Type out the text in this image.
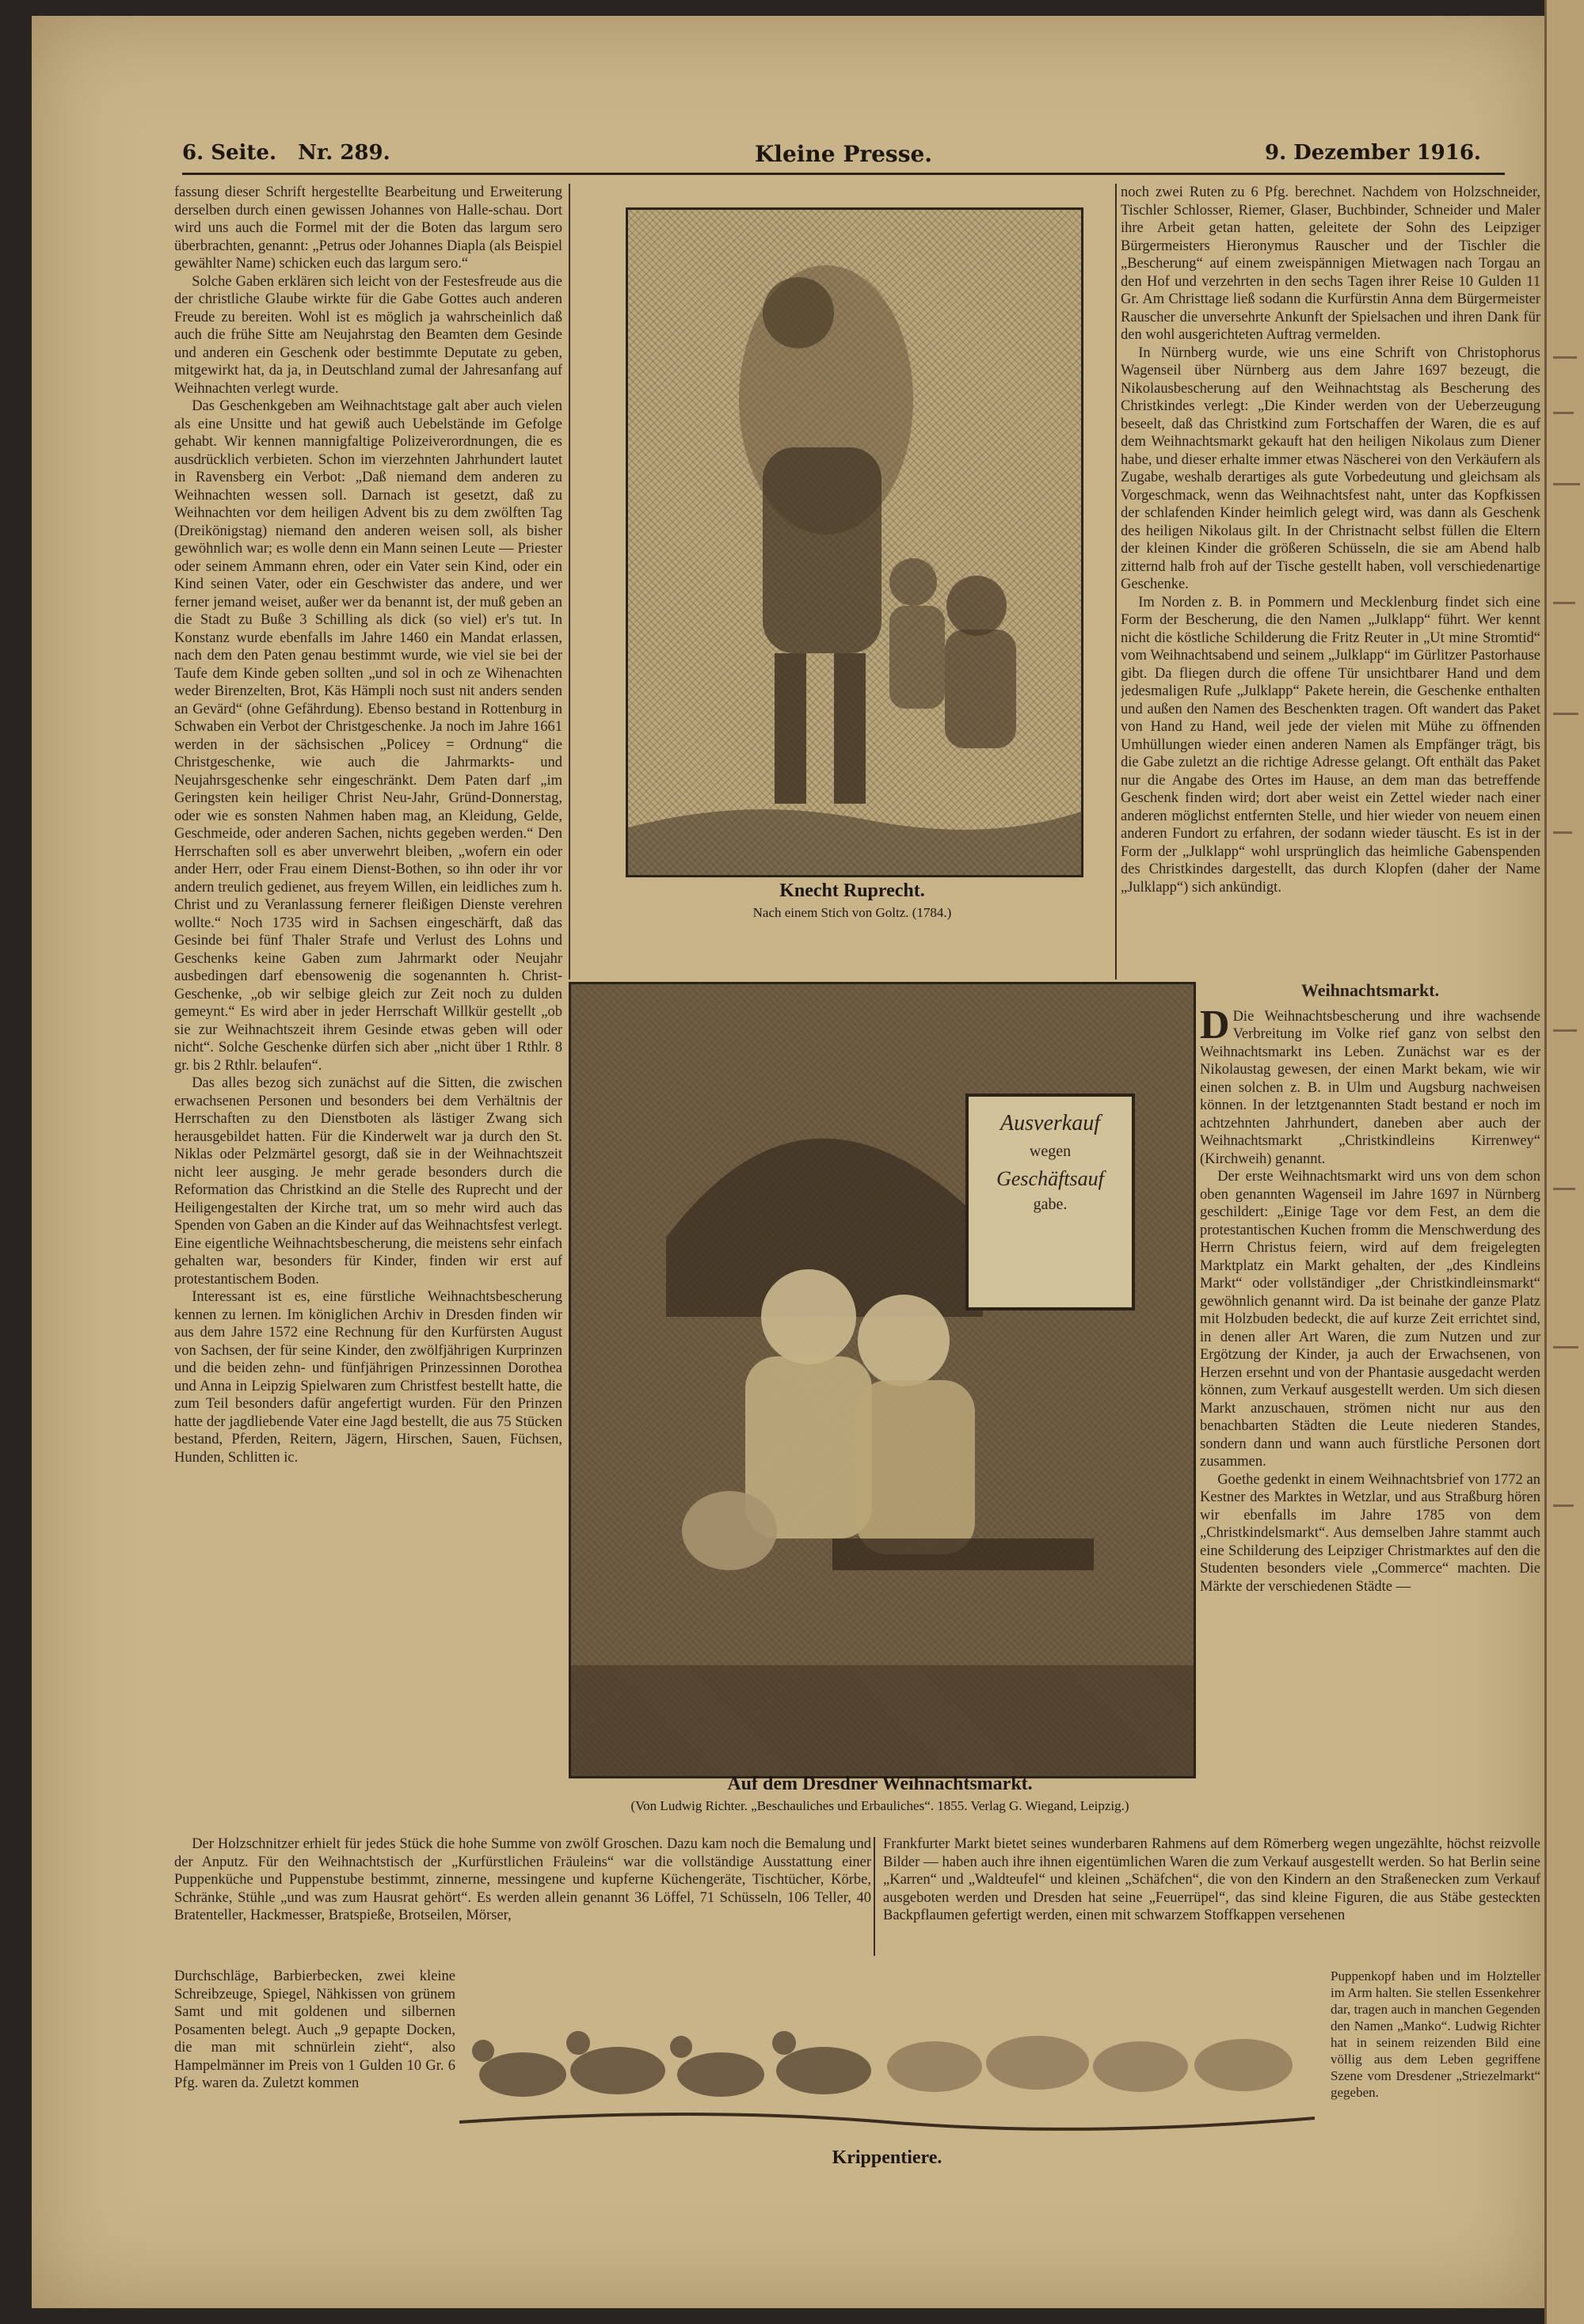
6. Seite. Nr. 289.	Kleine Presse.	9. Dezember 1916.

fassung dieser Schrift hergestellte Bearbeitung und Erweiterung derselben durch einen gewissen Johannes von Halle-schau. Dort wird uns auch die Formel mit der die Boten das largum sero überbrachten, genannt: „Petrus oder Johannes Diapla (als Beispiel gewählter Name) schicken euch das largum sero.“

Solche Gaben erklären sich leicht von der Festesfreude aus die der christliche Glaube wirkte für die Gabe Gottes auch anderen Freude zu bereiten. Wohl ist es möglich ja wahrscheinlich daß auch die frühe Sitte am Neujahrstag den Beamten dem Gesinde und anderen ein Geschenk oder bestimmte Deputate zu geben, mitgewirkt hat, da ja, in Deutschland zumal der Jahresanfang auf Weihnachten verlegt wurde.

Das Geschenkgeben am Weihnachtstage galt aber auch vielen als eine Unsitte und hat gewiß auch Uebelstände im Gefolge gehabt. Wir kennen mannigfaltige Polizeiverordnungen, die es ausdrücklich verbieten. Schon im vierzehnten Jahrhundert lautet in Ravensberg ein Verbot: „Daß niemand dem anderen zu Weihnachten wessen soll. Darnach ist gesetzt, daß zu Weihnachten vor dem heiligen Advent bis zu dem zwölften Tag (Dreikönigstag) niemand den anderen weisen soll, als bisher gewöhnlich war; es wolle denn ein Mann seinen Leute — Priester oder seinem Ammann ehren, oder ein Vater sein Kind, oder ein Kind seinen Vater, oder ein Geschwister das andere, und wer ferner jemand weiset, außer wer da benannt ist, der muß geben an die Stadt zu Buße 3 Schilling als dick (so viel) er's tut. In Konstanz wurde ebenfalls im Jahre 1460 ein Mandat erlassen, nach dem den Paten genau bestimmt wurde, wie viel sie bei der Taufe dem Kinde geben sollten „und sol in och ze Wihenachten weder Birenzelten, Brot, Käs Hämpli noch sust nit anders senden an Gevärd“ (ohne Gefährdung). Ebenso bestand in Rottenburg in Schwaben ein Verbot der Christgeschenke. Ja noch im Jahre 1661 werden in der sächsischen „Policey = Ordnung“ die Christgeschenke, wie auch die Jahrmarkts- und Neujahrsgeschenke sehr eingeschränkt. Dem Paten darf „im Geringsten kein heiliger Christ Neu-Jahr, Gründ-Donnerstag, oder wie es sonsten Nahmen haben mag, an Kleidung, Gelde, Geschmeide, oder anderen Sachen, nichts gegeben werden.“ Den Herrschaften soll es aber unverwehrt bleiben, „wofern ein oder ander Herr, oder Frau einem Dienst-Bothen, so ihn oder ihr vor andern treulich gedienet, aus freyem Willen, ein leidliches zum h. Christ und zu Veranlassung fernerer fleißigen Dienste verehren wollte.“ Noch 1735 wird in Sachsen eingeschärft, daß das Gesinde bei fünf Thaler Strafe und Verlust des Lohns und Geschenks keine Gaben zum Jahrmarkt oder Neujahr ausbedingen darf ebensowenig die sogenannten h. Christ-Geschenke, „ob wir selbige gleich zur Zeit noch zu dulden gemeynt.“ Es wird aber in jeder Herrschaft Willkür gestellt „ob sie zur Weihnachtszeit ihrem Gesinde etwas geben will oder nicht“. Solche Geschenke dürfen sich aber „nicht über 1 Rthlr. 8 gr. bis 2 Rthlr. belaufen“.

Das alles bezog sich zunächst auf die Sitten, die zwischen erwachsenen Personen und besonders bei dem Verhältnis der Herrschaften zu den Dienstboten als lästiger Zwang sich herausgebildet hatten. Für die Kinderwelt war ja durch den St. Niklas oder Pelzmärtel gesorgt, daß sie in der Weihnachtszeit nicht leer ausging. Je mehr gerade besonders durch die Reformation das Christkind an die Stelle des Ruprecht und der Heiligengestalten der Kirche trat, um so mehr wird auch das Spenden von Gaben an die Kinder auf das Weihnachtsfest verlegt. Eine eigentliche Weihnachtsbescherung, die meistens sehr einfach gehalten war, besonders für Kinder, finden wir erst auf protestantischem Boden.

Interessant ist es, eine fürstliche Weihnachtsbescherung kennen zu lernen. Im königlichen Archiv in Dresden finden wir aus dem Jahre 1572 eine Rechnung für den Kurfürsten August von Sachsen, der für seine Kinder, den zwölfjährigen Kurprinzen und die beiden zehn- und fünfjährigen Prinzessinnen Dorothea und Anna in Leipzig Spielwaren zum Christfest bestellt hatte, die zum Teil besonders dafür angefertigt wurden. Für den Prinzen hatte der jagdliebende Vater eine Jagd bestellt, die aus 75 Stücken bestand, Pferden, Reitern, Jägern, Hirschen, Sauen, Füchsen, Hunden, Schlitten ic.

Der Holzschnitzer erhielt für jedes Stück die hohe Summe von zwölf Groschen. Dazu kam noch die Bemalung und der Anputz. Für den Weihnachtstisch der „Kurfürstlichen Fräuleins“ war die vollständige Ausstattung einer Puppenküche und Puppenstube bestimmt, zinnerne, messingene und kupferne Küchengeräte, Tischtücher, Körbe, Schränke, Stühle „und was zum Hausrat gehört“. Es werden allein genannt 36 Löffel, 71 Schüsseln, 106 Teller, 40 Bratenteller, Hackmesser, Bratspieße, Brotseilen, Mörser,

Durchschläge, Barbierbecken, zwei kleine Schreibzeuge, Spiegel, Nähkissen von grünem Samt und mit goldenen und silbernen Posamenten belegt. Auch „9 gepapte Docken, die man mit schnürlein zieht“, also Hampelmänner im Preis von 1 Gulden 10 Gr. 6 Pfg. waren da. Zuletzt kommen

Frankfurter Markt bietet seines wunderbaren Rahmens auf dem Römerberg wegen ungezählte, höchst reizvolle Bilder — haben auch ihre ihnen eigentümlichen Waren die zum Verkauf ausgestellt werden. So hat Berlin seine „Karren“ und „Waldteufel“ und kleinen „Schäfchen“, die von den Kindern an den Straßenecken zum Verkauf ausgeboten werden und Dresden hat seine „Feuerrüpel“, das sind kleine Figuren, die aus Stäbe gesteckten Backpflaumen gefertigt werden, einen mit schwarzem Stoffkappen versehenen

Knecht Ruprecht.
Nach einem Stich von Goltz. (1784.)

noch zwei Ruten zu 6 Pfg. berechnet. Nachdem von Holzschneider, Tischler Schlosser, Riemer, Glaser, Buchbinder, Schneider und Maler ihre Arbeit getan hatten, geleitete der Sohn des Leipziger Bürgermeisters Hieronymus Rauscher und der Tischler die „Bescherung“ auf einem zweispännigen Mietwagen nach Torgau an den Hof und verzehrten in den sechs Tagen ihrer Reise 10 Gulden 11 Gr. Am Christtage ließ sodann die Kurfürstin Anna dem Bürgermeister Rauscher die unversehrte Ankunft der Spielsachen und ihren Dank für den wohl ausgerichteten Auftrag vermelden.

In Nürnberg wurde, wie uns eine Schrift von Christophorus Wagenseil über Nürnberg aus dem Jahre 1697 bezeugt, die Nikolausbescherung auf den Weihnachtstag als Bescherung des Christkindes verlegt: „Die Kinder werden von der Ueberzeugung beseelt, daß das Christkind zum Fortschaffen der Waren, die es auf dem Weihnachtsmarkt gekauft hat den heiligen Nikolaus zum Diener habe, und dieser erhalte immer etwas Näscherei von den Verkäufern als Zugabe, weshalb derartiges als gute Vorbedeutung und gleichsam als Vorgeschmack, wenn das Weihnachtsfest naht, unter das Kopfkissen der schlafenden Kinder heimlich gelegt wird, was dann als Geschenk des heiligen Nikolaus gilt. In der Christnacht selbst füllen die Eltern der kleinen Kinder die größeren Schüsseln, die sie am Abend halb zitternd halb froh auf der Tische gestellt haben, voll verschiedenartige Geschenke.

Im Norden z. B. in Pommern und Mecklenburg findet sich eine Form der Bescherung, die den Namen „Julklapp“ führt. Wer kennt nicht die köstliche Schilderung die Fritz Reuter in „Ut mine Stromtid“ vom Weihnachtsabend und seinem „Julklapp“ im Gürlitzer Pastorhause gibt. Da fliegen durch die offene Tür unsichtbarer Hand und dem jedesmaligen Rufe „Julklapp“ Pakete herein, die Geschenke enthalten und außen den Namen des Beschenkten tragen. Oft wandert das Paket von Hand zu Hand, weil jede der vielen mit Mühe zu öffnenden Umhüllungen wieder einen anderen Namen als Empfänger trägt, bis die Gabe zuletzt an die richtige Adresse gelangt. Oft enthält das Paket nur die Angabe des Ortes im Hause, an dem man das betreffende Geschenk finden wird; dort aber weist ein Zettel wieder nach einer anderen möglichst entfernten Stelle, und hier wieder von neuem einen anderen Fundort zu erfahren, der sodann wieder täuscht. Es ist in der Form der „Julklapp“ wohl ursprünglich das heimliche Gabenspenden des Christkindes dargestellt, das durch Klopfen (daher der Name „Julklapp“) sich ankündigt.

Ausverkauf
wegen
Geschäftsauf
gabe.
Auf dem Dresdner Weihnachtsmarkt.
(Von Ludwig Richter. „Beschauliches und Erbauliches“. 1855. Verlag G. Wiegand, Leipzig.)
Weihnachtsmarkt.

D Die Weihnachtsbescherung und ihre wachsende Verbreitung im Volke rief ganz von selbst den Weihnachtsmarkt ins Leben. Zunächst war es der Nikolaustag gewesen, der einen Markt bekam, wie wir einen solchen z. B. in Ulm und Augsburg nachweisen können. In der letztgenannten Stadt bestand er noch im achtzehnten Jahrhundert, daneben aber auch der Weihnachtsmarkt „Christkindleins Kirrenwey“ (Kirchweih) genannt.

Der erste Weihnachtsmarkt wird uns von dem schon oben genannten Wagenseil im Jahre 1697 in Nürnberg geschildert: „Einige Tage vor dem Fest, an dem die protestantischen Kuchen fromm die Menschwerdung des Herrn Christus feiern, wird auf dem freigelegten Marktplatz ein Markt gehalten, der „des Kindleins Markt“ oder vollständiger „der Christkindleinsmarkt“ gewöhnlich genannt wird. Da ist beinahe der ganze Platz mit Holzbuden bedeckt, die auf kurze Zeit errichtet sind, in denen aller Art Waren, die zum Nutzen und zur Ergötzung der Kinder, ja auch der Erwachsenen, von Herzen ersehnt und von der Phantasie ausgedacht werden können, zum Verkauf ausgestellt werden. Um sich diesen Markt anzuschauen, strömen nicht nur aus den benachbarten Städten die Leute niederen Standes, sondern dann und wann auch fürstliche Personen dort zusammen.

Goethe gedenkt in einem Weihnachtsbrief von 1772 an Kestner des Marktes in Wetzlar, und aus Straßburg hören wir ebenfalls im Jahre 1785 von dem „Christkindelsmarkt“. Aus demselben Jahre stammt auch eine Schilderung des Leipziger Christmarktes auf den die Studenten besonders viele „Commerce“ machten. Die Märkte der verschiedenen Städte —

Krippentiere.

Puppenkopf haben und im Holzteller im Arm halten. Sie stellen Essenkehrer dar, tragen auch in manchen Gegenden den Namen „Manko“. Ludwig Richter hat in seinem reizenden Bild eine völlig aus dem Leben gegriffene Szene vom Dresdener „Striezelmarkt“ gegeben.
